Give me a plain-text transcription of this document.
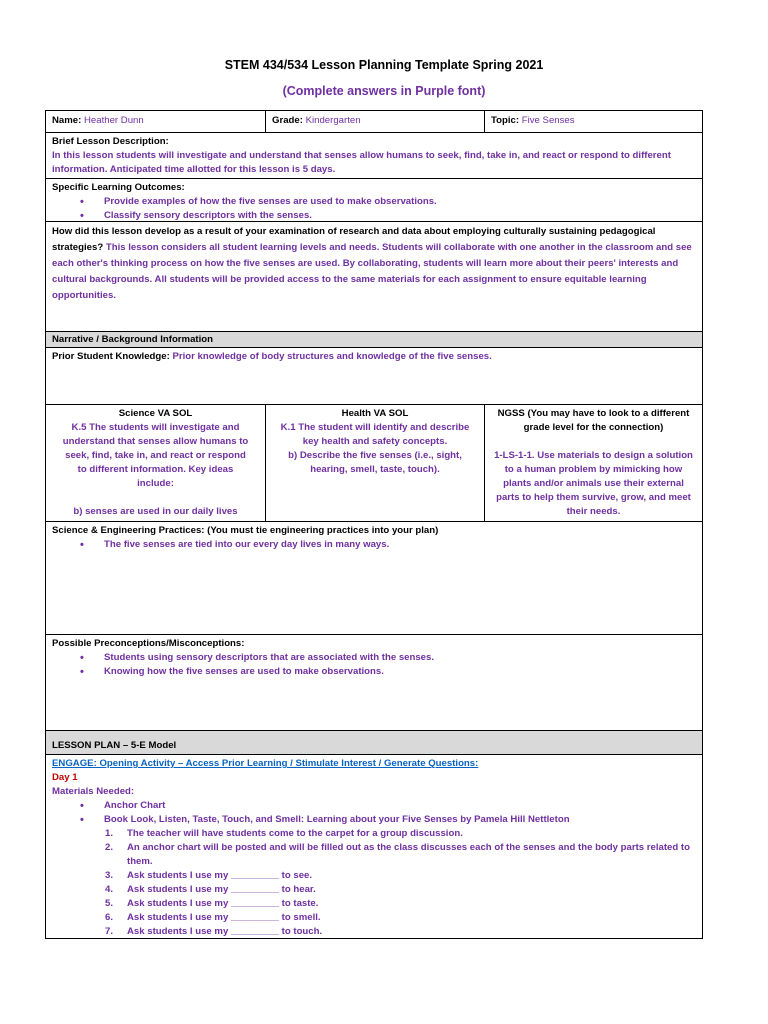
STEM 434/534 Lesson Planning Template Spring 2021

(Complete answers in Purple font)

Name: Heather Dunn	Grade: Kindergarten	Topic: Five Senses
Brief Lesson Description:
In this lesson students will investigate and understand that senses allow humans to seek, find, take in, and react or respond to different information. Anticipated time allotted for this lesson is 5 days.
Specific Learning Outcomes:
• Provide examples of how the five senses are used to make observations.
• Classify sensory descriptors with the senses.
How did this lesson develop as a result of your examination of research and data about employing culturally sustaining pedagogical strategies? This lesson considers all student learning levels and needs. Students will collaborate with one another in the classroom and see each other's thinking process on how the five senses are used. By collaborating, students will learn more about their peers' interests and cultural backgrounds. All students will be provided access to the same materials for each assignment to ensure equitable learning opportunities.
Narrative / Background Information
Prior Student Knowledge: Prior knowledge of body structures and knowledge of the five senses.
Science VA SOL
K.5 The students will investigate and understand that senses allow humans to seek, find, take in, and react or respond to different information. Key ideas include:
b) senses are used in our daily lives
Health VA SOL
K.1 The student will identify and describe key health and safety concepts.
b) Describe the five senses (i.e., sight, hearing, smell, taste, touch).
NGSS (You may have to look to a different grade level for the connection)
1-LS-1-1. Use materials to design a solution to a human problem by mimicking how plants and/or animals use their external parts to help them survive, grow, and meet their needs.
Science & Engineering Practices: (You must tie engineering practices into your plan)
• The five senses are tied into our every day lives in many ways.
Possible Preconceptions/Misconceptions:
• Students using sensory descriptors that are associated with the senses.
• Knowing how the five senses are used to make observations.
LESSON PLAN – 5-E Model
ENGAGE: Opening Activity – Access Prior Learning / Stimulate Interest / Generate Questions:
Day 1
Materials Needed:
• Anchor Chart
• Book Look, Listen, Taste, Touch, and Smell: Learning about your Five Senses by Pamela Hill Nettleton
1. The teacher will have students come to the carpet for a group discussion.
2. An anchor chart will be posted and will be filled out as the class discusses each of the senses and the body parts related to them.
3. Ask students I use my _________ to see.
4. Ask students I use my _________ to hear.
5. Ask students I use my _________ to taste.
6. Ask students I use my _________ to smell.
7. Ask students I use my _________ to touch.
